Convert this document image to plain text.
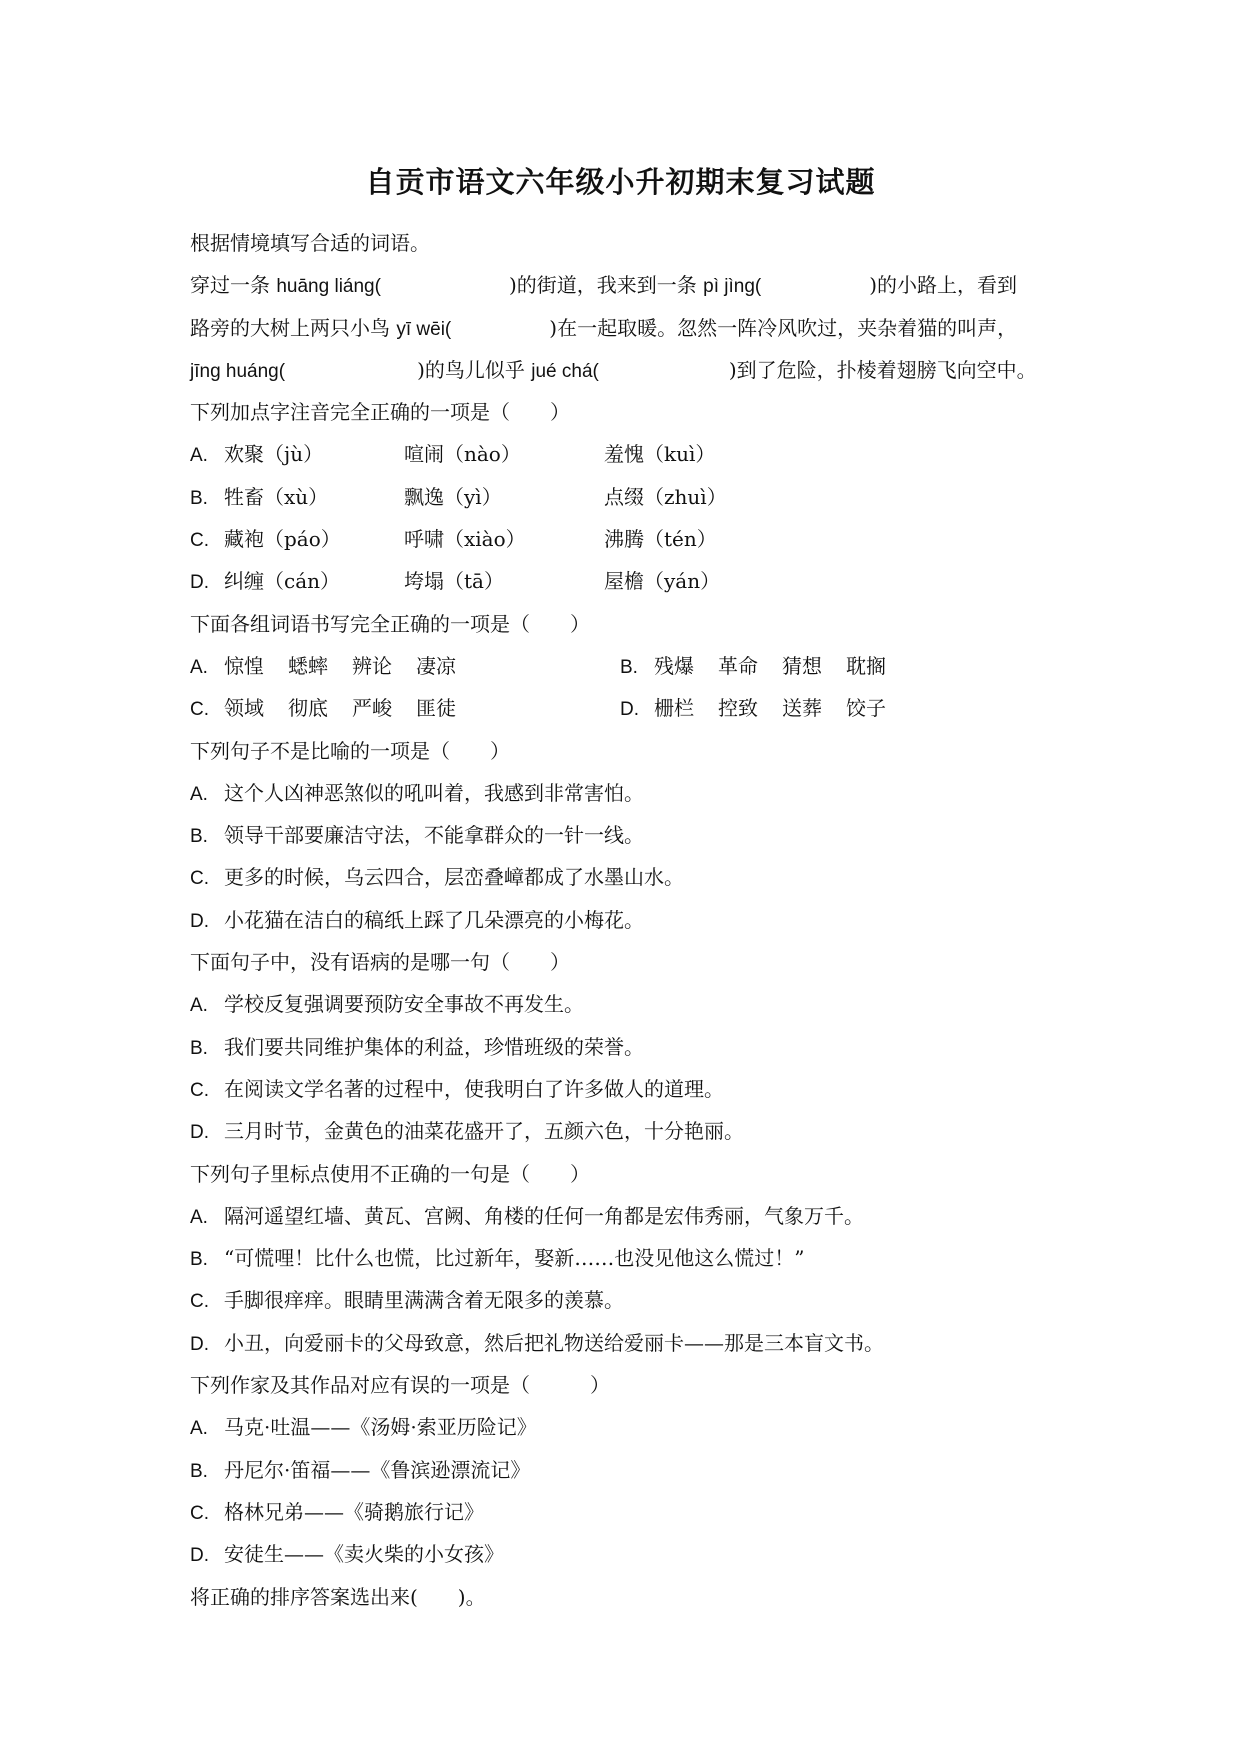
自贡市语文六年级小升初期末复习试题
根据情境填写合适的词语。
穿过一条 huāng liáng(	)的街道，我来到一条 pì jìng(	)的小路上，看到
路旁的大树上两只小鸟 yī wēi(	)在一起取暖。忽然一阵冷风吹过，夹杂着猫的叫声，
jīng huáng(	)的鸟儿似乎 jué chá(	)到了危险，扑棱着翅膀飞向空中。
下列加点字注音完全正确的一项是（　　）
A. 欢聚（jù）	喧闹（nào）	羞愧（kuì）
B. 牲畜（xù）	飘逸（yì）	点缀（zhuì）
C. 藏袍（páo）	呼啸（xiào）	沸腾（tén）
D. 纠缠（cán）	垮塌（tā）	屋檐（yán）
下面各组词语书写完全正确的一项是（　　）
A. 惊惶 蟋蟀 辨论 凄凉	B. 残爆 革命 猜想 耽搁
C. 领域 彻底 严峻 匪徒	D. 栅栏 控致 送葬 饺子
下列句子不是比喻的一项是（　　）
A. 这个人凶神恶煞似的吼叫着，我感到非常害怕。
B. 领导干部要廉洁守法，不能拿群众的一针一线。
C. 更多的时候，乌云四合，层峦叠嶂都成了水墨山水。
D. 小花猫在洁白的稿纸上踩了几朵漂亮的小梅花。
下面句子中，没有语病的是哪一句（　　）
A. 学校反复强调要预防安全事故不再发生。
B. 我们要共同维护集体的利益，珍惜班级的荣誉。
C. 在阅读文学名著的过程中，使我明白了许多做人的道理。
D. 三月时节，金黄色的油菜花盛开了，五颜六色，十分艳丽。
下列句子里标点使用不正确的一句是（　　）
A. 隔河遥望红墙、黄瓦、宫阙、角楼的任何一角都是宏伟秀丽，气象万千。
B. “可慌哩！比什么也慌，比过新年，娶新……也没见他这么慌过！”
C. 手脚很痒痒。眼睛里满满含着无限多的羡慕。
D. 小丑，向爱丽卡的父母致意，然后把礼物送给爱丽卡——那是三本盲文书。
下列作家及其作品对应有误的一项是（　　　）
A. 马克·吐温——《汤姆·索亚历险记》
B. 丹尼尔·笛福——《鲁滨逊漂流记》
C. 格林兄弟——《骑鹅旅行记》
D. 安徒生——《卖火柴的小女孩》
将正确的排序答案选出来(　　)。
